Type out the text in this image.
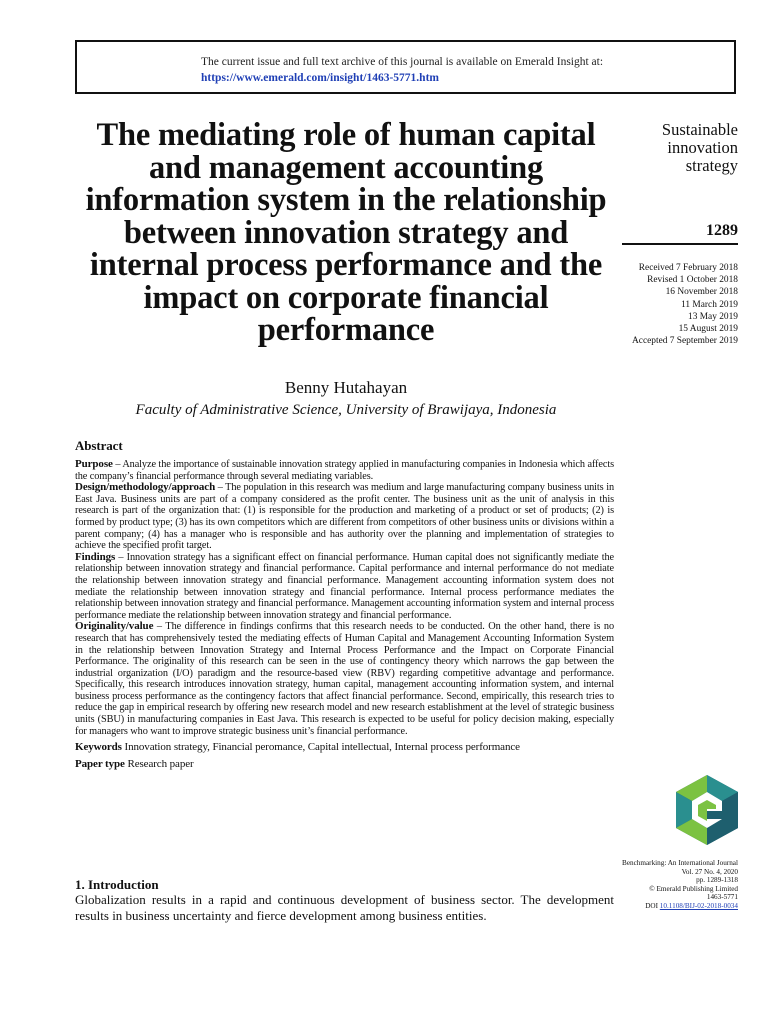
The current issue and full text archive of this journal is available on Emerald Insight at:
https://www.emerald.com/insight/1463-5771.htm
The mediating role of human capital and management accounting information system in the relationship between innovation strategy and internal process performance and the impact on corporate financial performance
Benny Hutahayan
Faculty of Administrative Science, University of Brawijaya, Indonesia
Sustainable innovation strategy
1289
Received 7 February 2018
Revised 1 October 2018
16 November 2018
11 March 2019
13 May 2019
15 August 2019
Accepted 7 September 2019
Abstract

Purpose – Analyze the importance of sustainable innovation strategy applied in manufacturing companies in Indonesia which affects the company’s financial performance through several mediating variables.

Design/methodology/approach – The population in this research was medium and large manufacturing company business units in East Java. Business units are part of a company considered as the profit center. The business unit as the unit of analysis in this research is part of the organization that: (1) is responsible for the production and marketing of a product or set of products; (2) is formed by product type; (3) has its own competitors which are different from competitors of other business units or divisions within a parent company; (4) has a manager who is responsible and has authority over the planning and implementation of strategies to achieve the specified profit target.

Findings – Innovation strategy has a significant effect on financial performance. Human capital does not significantly mediate the relationship between innovation strategy and financial performance. Capital performance and internal performance do not mediate the relationship between innovation strategy and financial performance. Management accounting information system does not mediate the relationship between innovation strategy and financial performance. Internal process performance mediates the relationship between innovation strategy and financial performance. Management accounting information system and internal process performance mediate the relationship between innovation strategy and financial performance.

Originality/value – The difference in findings confirms that this research needs to be conducted. On the other hand, there is no research that has comprehensively tested the mediating effects of Human Capital and Management Accounting Information System in the relationship between Innovation Strategy and Internal Process Performance and the Impact on Corporate Financial Performance. The originality of this research can be seen in the use of contingency theory which narrows the gap between the industrial organization (I/O) paradigm and the resource-based view (RBV) regarding competitive advantage and performance. Specifically, this research introduces innovation strategy, human capital, management accounting information system, and internal business process performance as the contingency factors that affect financial performance. Second, empirically, this research tries to reduce the gap in empirical research by offering new research model and new research establishment at the level of strategic business units (SBU) in manufacturing companies in East Java. This research is expected to be useful for policy decision making, especially for managers who want to improve strategic business unit’s financial performance.

Keywords Innovation strategy, Financial peromance, Capital intellectual, Internal process performance

Paper type Research paper

1. Introduction
Globalization results in a rapid and continuous development of business sector. The development results in business uncertainty and fierce development among business entities.
Benchmarking: An International Journal
Vol. 27 No. 4, 2020
pp. 1289-1318
© Emerald Publishing Limited
1463-5771
DOI 10.1108/BIJ-02-2018-0034
